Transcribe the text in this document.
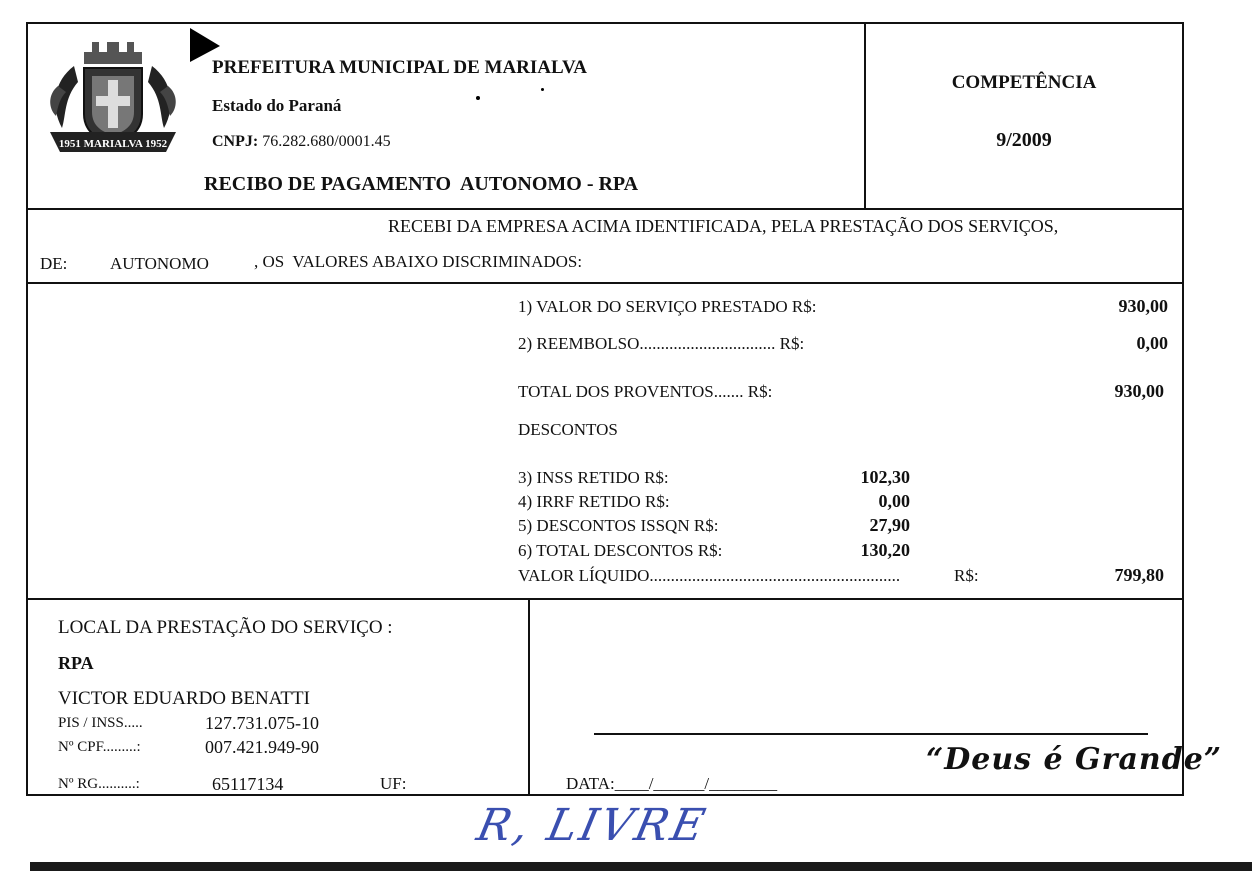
1951 MARIALVA 1952
PREFEITURA MUNICIPAL DE MARIALVA
Estado do Paraná
CNPJ: 76.282.680/0001.45
RECIBO DE PAGAMENTO  AUTONOMO - RPA
COMPETÊNCIA
9/2009
RECEBI DA EMPRESA ACIMA IDENTIFICADA, PELA PRESTAÇÃO DOS SERVIÇOS,
DE:	AUTONOMO	, OS  VALORES ABAIXO DISCRIMINADOS:
1) VALOR DO SERVIÇO PRESTADO R$:	930,00
2) REEMBOLSO................................ R$:	0,00
TOTAL DOS PROVENTOS....... R$:	930,00
DESCONTOS
3) INSS RETIDO R$:	102,30
4) IRRF RETIDO R$:	0,00
5) DESCONTOS ISSQN R$:	27,90
6) TOTAL DESCONTOS R$:	130,20
VALOR LÍQUIDO...........................................................	R$:	799,80
LOCAL DA PRESTAÇÃO DO SERVIÇO :
RPA
VICTOR EDUARDO BENATTI
PIS / INSS.....	127.731.075-10
Nº CPF.........:	007.421.949-90
Nº RG..........:	65117134	UF:	DATA:____/______/________
“Deus é Grande”
R, LIVRE
